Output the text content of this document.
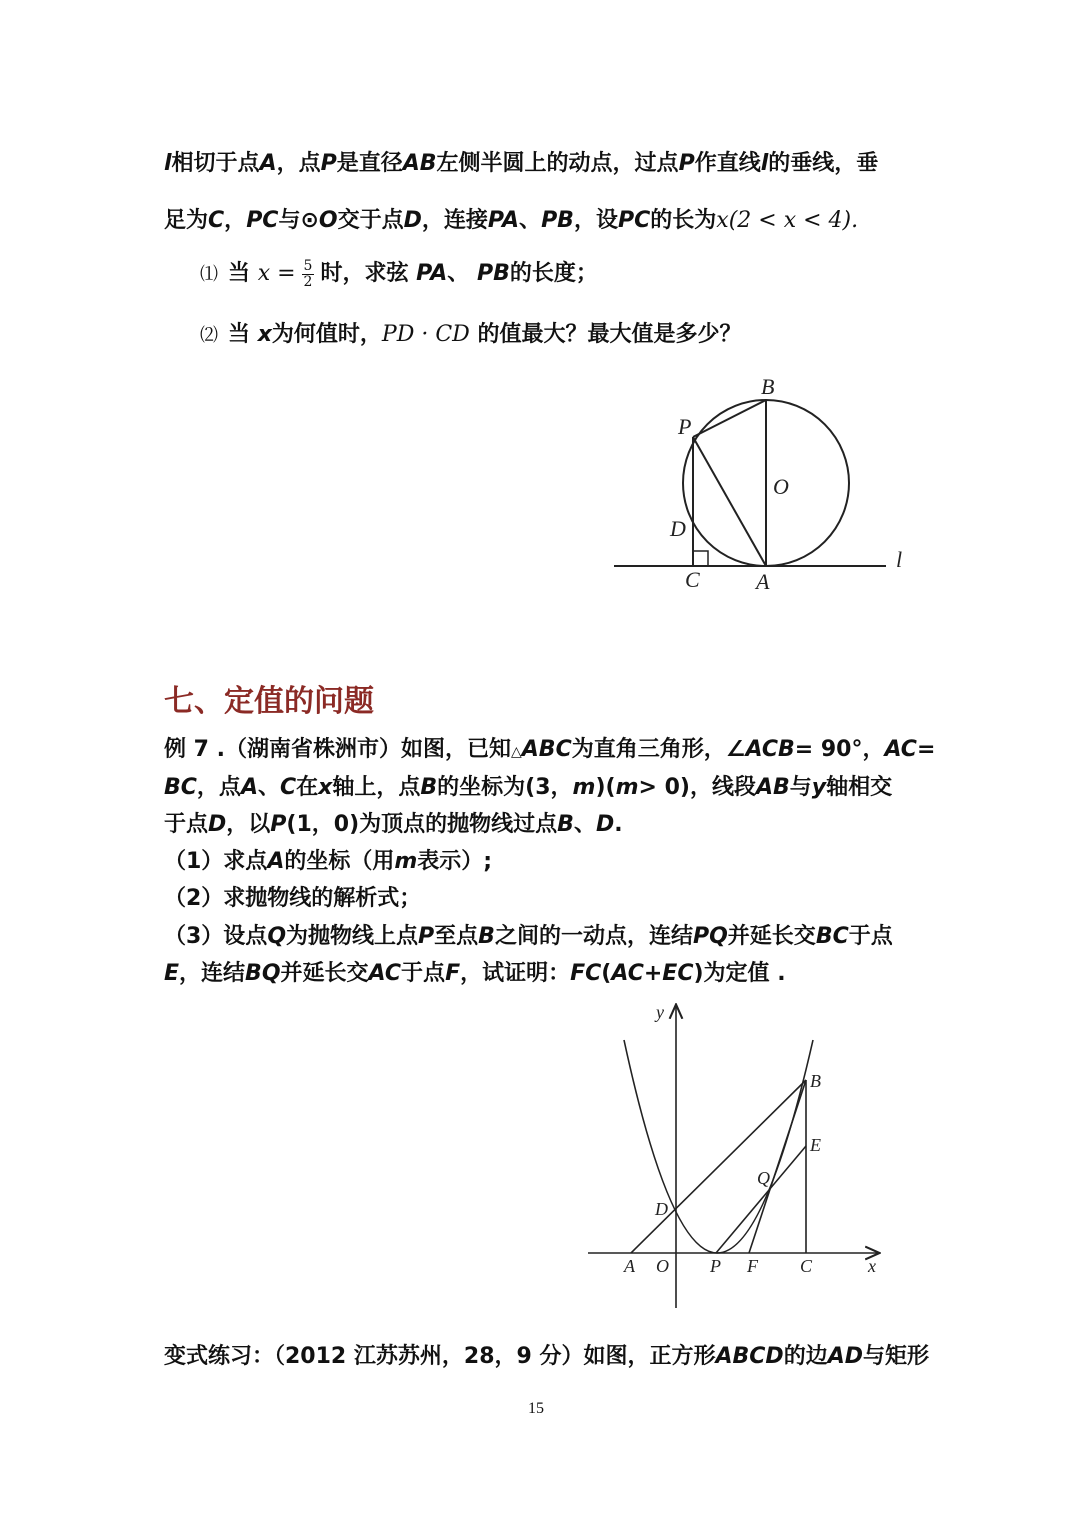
l相切于点A，点P是直径AB左侧半圆上的动点，过点P作直线l的垂线，垂
足为C，PC与⊙O交于点D，连接PA、PB，设PC的长为x(2 < x < 4).
⑴ 当 $x = \frac{5}{2}$ 时，求弦 PA、 PB的长度；
⑵ 当 x为何值时，PD · CD 的值最大？最大值是多少？
B
P
O
D
C	A
l
七、定值的问题
例 7 .（湖南省株洲市）如图，已知△ABC为直角三角形，∠ACB= 90°，AC=
BC，点A、C在x轴上，点B的坐标为(3，m)(m> 0)，线段AB与y轴相交
于点D，以P(1，0)为顶点的抛物线过点B、D.
（1）求点A的坐标（用m表示）;
（2）求抛物线的解析式；
（3）设点Q为抛物线上点P至点B之间的一动点，连结PQ并延长交BC于点
E，连结BQ并延长交AC于点F，试证明：FC(AC+EC)为定值 .
y
B
E
Q
D
A O P F C	x
变式练习：（2012 江苏苏州，28，9 分）如图，正方形ABCD的边AD与矩形
15
